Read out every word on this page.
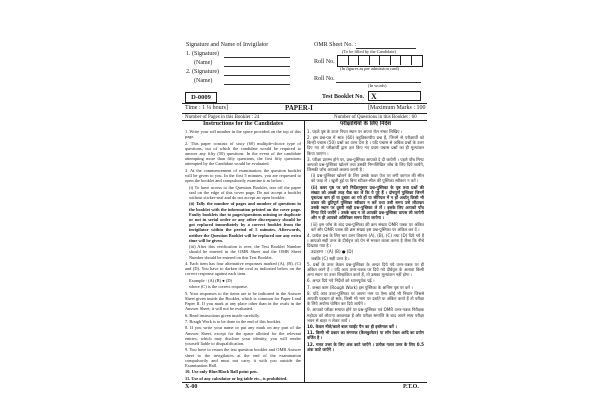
Signature and Name of Invigilator
1. (Signature)
(Name)
2. (Signature)
(Name)
OMR Sheet No. :
(To be filled by the Candidate)
Roll No.
(In figures as per admission card)
Roll No.
(In words)
D-0009	Test Booklet No. X
Time : 1 ¼ hours]	PAPER-I	[Maximum Marks : 100
Number of Pages in this Booklet : 24	Number of Questions in this Booklet : 60
Instructions for the Candidates

1. Write your roll number in the space provided on the top of this page.

2. This paper consists of sixty (60) multiple-choice type of questions, out of which the candidate would be required to answer any fifty (50) questions. In the event of the candidate attempting more than fifty questions, the first fifty questions attempted by the Candidate would be evaluated.

3. At the commencement of examination, the question booklet will be given to you. In the first 5 minutes, you are requested to open the booklet and compulsorily examine it as below :

(i) To have access to the Question Booklet, tear off the paper seal on the edge of this cover page. Do not accept a booklet without sticker-seal and do not accept an open booklet.

(ii) Tally the number of pages and number of questions in the booklet with the information printed on the cover page. Faulty booklets due to pages/questions missing or duplicate or not in serial order or any other discrepancy should be got replaced immediately by a correct booklet from the invigilator within the period of 5 minutes. Afterwards, neither the Question Booklet will be replaced nor any extra time will be given.

(iii) After this verification is over, the Test Booklet Number should be entered in the OMR Sheet and the OMR Sheet Number should be entered on this Test Booklet.

4. Each item has four alternative responses marked (A), (B), (C) and (D). You have to darken the oval as indicated below on the correct response against each item.

Example : (A) (B) ● (D)

where (C) is the correct response.

5. Your responses to the items are to be indicated in the Answer Sheet given inside the Booklet, which is common for Paper I and Paper II. If you mark at any place other than in the ovals in the Answer Sheet, it will not be evaluated.

6. Read instructions given inside carefully.

7. Rough Work is to be done in the end of this booklet.

8. If you write your name or put any mark on any part of the Answer Sheet, except for the space allotted for the relevant entries, which may disclose your identity, you will render yourself liable to disqualification.

9. You have to return the test question booklet and OMR Answer sheet to the invigilators at the end of the examination compulsorily and must not carry it with you outside the Examination Hall.

10. Use only Blue/Black Ball point pen.

11. Use of any calculator or log table etc., is prohibited.

परीक्षार्थियों के लिए निर्देश

1. पहले पृष्ठ के ऊपर नियत स्थान पर अपना रोल नम्बर लिखिए ।

2. इस प्रश्न-पत्र में साठ (60) बहुविकल्पीय प्रश्न हैं, जिनमें से परीक्षार्थी को किन्हीं पचास (50) प्रश्नों का उत्तर देना है । यदि पचास से अधिक प्रश्नों के उत्तर दिए गए तो परीक्षार्थी द्वारा हल किए गए प्रथम पचास प्रश्नों का ही मूल्यांकन किया जाएगा ।

3. परीक्षा प्रारम्भ होने पर, प्रश्न-पुस्तिका आपको दे दी जायेगी । पहले पाँच मिनट आपको प्रश्न-पुस्तिका खोलने तथा उसकी निम्नलिखित जाँच के लिए दिये जायेंगे, जिसकी जाँच आपको अवश्य करनी है :

(i) प्रश्न-पुस्तिका खोलने के लिए उसके कवर पेज पर लगी कागज की सील को फाड़ लें । खुली हुई या बिना स्टीकर-सील की पुस्तिका स्वीकार न करें ।

(ii) कवर पृष्ठ पर छपे निर्देशानुसार प्रश्न-पुस्तिका के पृष्ठ तथा प्रश्नों की संख्या को अच्छी तरह चैक कर लें कि ये पूरे हैं । दोषपूर्ण पुस्तिका जिनमें पृष्ठ/प्रश्न कम हों या दुबारा आ गये हों या सीरियल में न हों अर्थात् किसी भी प्रकार की त्रुटिपूर्ण पुस्तिका स्वीकार न करें तथा उसी समय उसे लौटाकर उसके स्थान पर दूसरी सही प्रश्न-पुस्तिका ले लें । इसके लिए आपको पाँच मिनट दिये जायेंगे । उसके बाद न तो आपकी प्रश्न-पुस्तिका वापस ली जायेगी और न ही आपको अतिरिक्त समय दिया जायेगा ।

(iii) इस जाँच के बाद प्रश्न-पुस्तिका की क्रम संख्या OMR पत्रक पर अंकित करें और OMR पत्रक की क्रम संख्या इस प्रश्न-पुस्तिका पर अंकित कर दें ।

4. प्रत्येक प्रश्न के लिए चार उत्तर विकल्प (A), (B), (C) तथा (D) दिये गये हैं । आपको सही उत्तर के दीर्घवृत्त को पेन से भरकर काला करना है जैसा कि नीचे दिखाया गया है ।

उदाहरण : (A) (B) ● (D)

जबकि (C) सही उत्तर है ।

5. प्रश्नों के उत्तर केवल प्रश्न-पुस्तिका के अन्दर दिये गये उत्तर-पत्रक पर ही अंकित करने हैं । यदि आप उत्तर-पत्रक पर दिये गये दीर्घवृत्त के अलावा किसी अन्य स्थान पर उत्तर चिन्हांकित करते हैं, तो उसका मूल्यांकन नहीं होगा ।

6. अन्दर दिये गये निर्देशों को ध्यानपूर्वक पढ़ें ।

7. कच्चा काम (Rough Work) इस पुस्तिका के अन्तिम पृष्ठ पर करें ।

8. यदि आप उत्तर-पुस्तिका पर अपना नाम या ऐसा कोई भी निशान जिससे आपकी पहचान हो सके, किसी भी भाग पर दर्शाते या अंकित करते हैं तो परीक्षा के लिये अयोग्य घोषित कर दिये जायेंगे ।

9. आपको परीक्षा समाप्त होने पर प्रश्न-पुस्तिका एवं OMR उत्तर-पत्रक निरीक्षक महोदय को लौटाना आवश्यक है और परीक्षा समाप्ति के बाद अपने साथ परीक्षा भवन से बाहर न लेकर जायें ।

10. केवल नीले/काले बाल प्वाईंट पैन का ही इस्तेमाल करें ।

11. किसी भी प्रकार का संगणक (कैलकुलेटर) या लॉग टेबल आदि का प्रयोग वर्जित है ।

12. गलत उत्तर के लिए अंक काटे जाएँगे । प्रत्येक गलत उत्तर के लिए 0.5 अंक काटे जाएँगे ।

X-00	P.T.O.
